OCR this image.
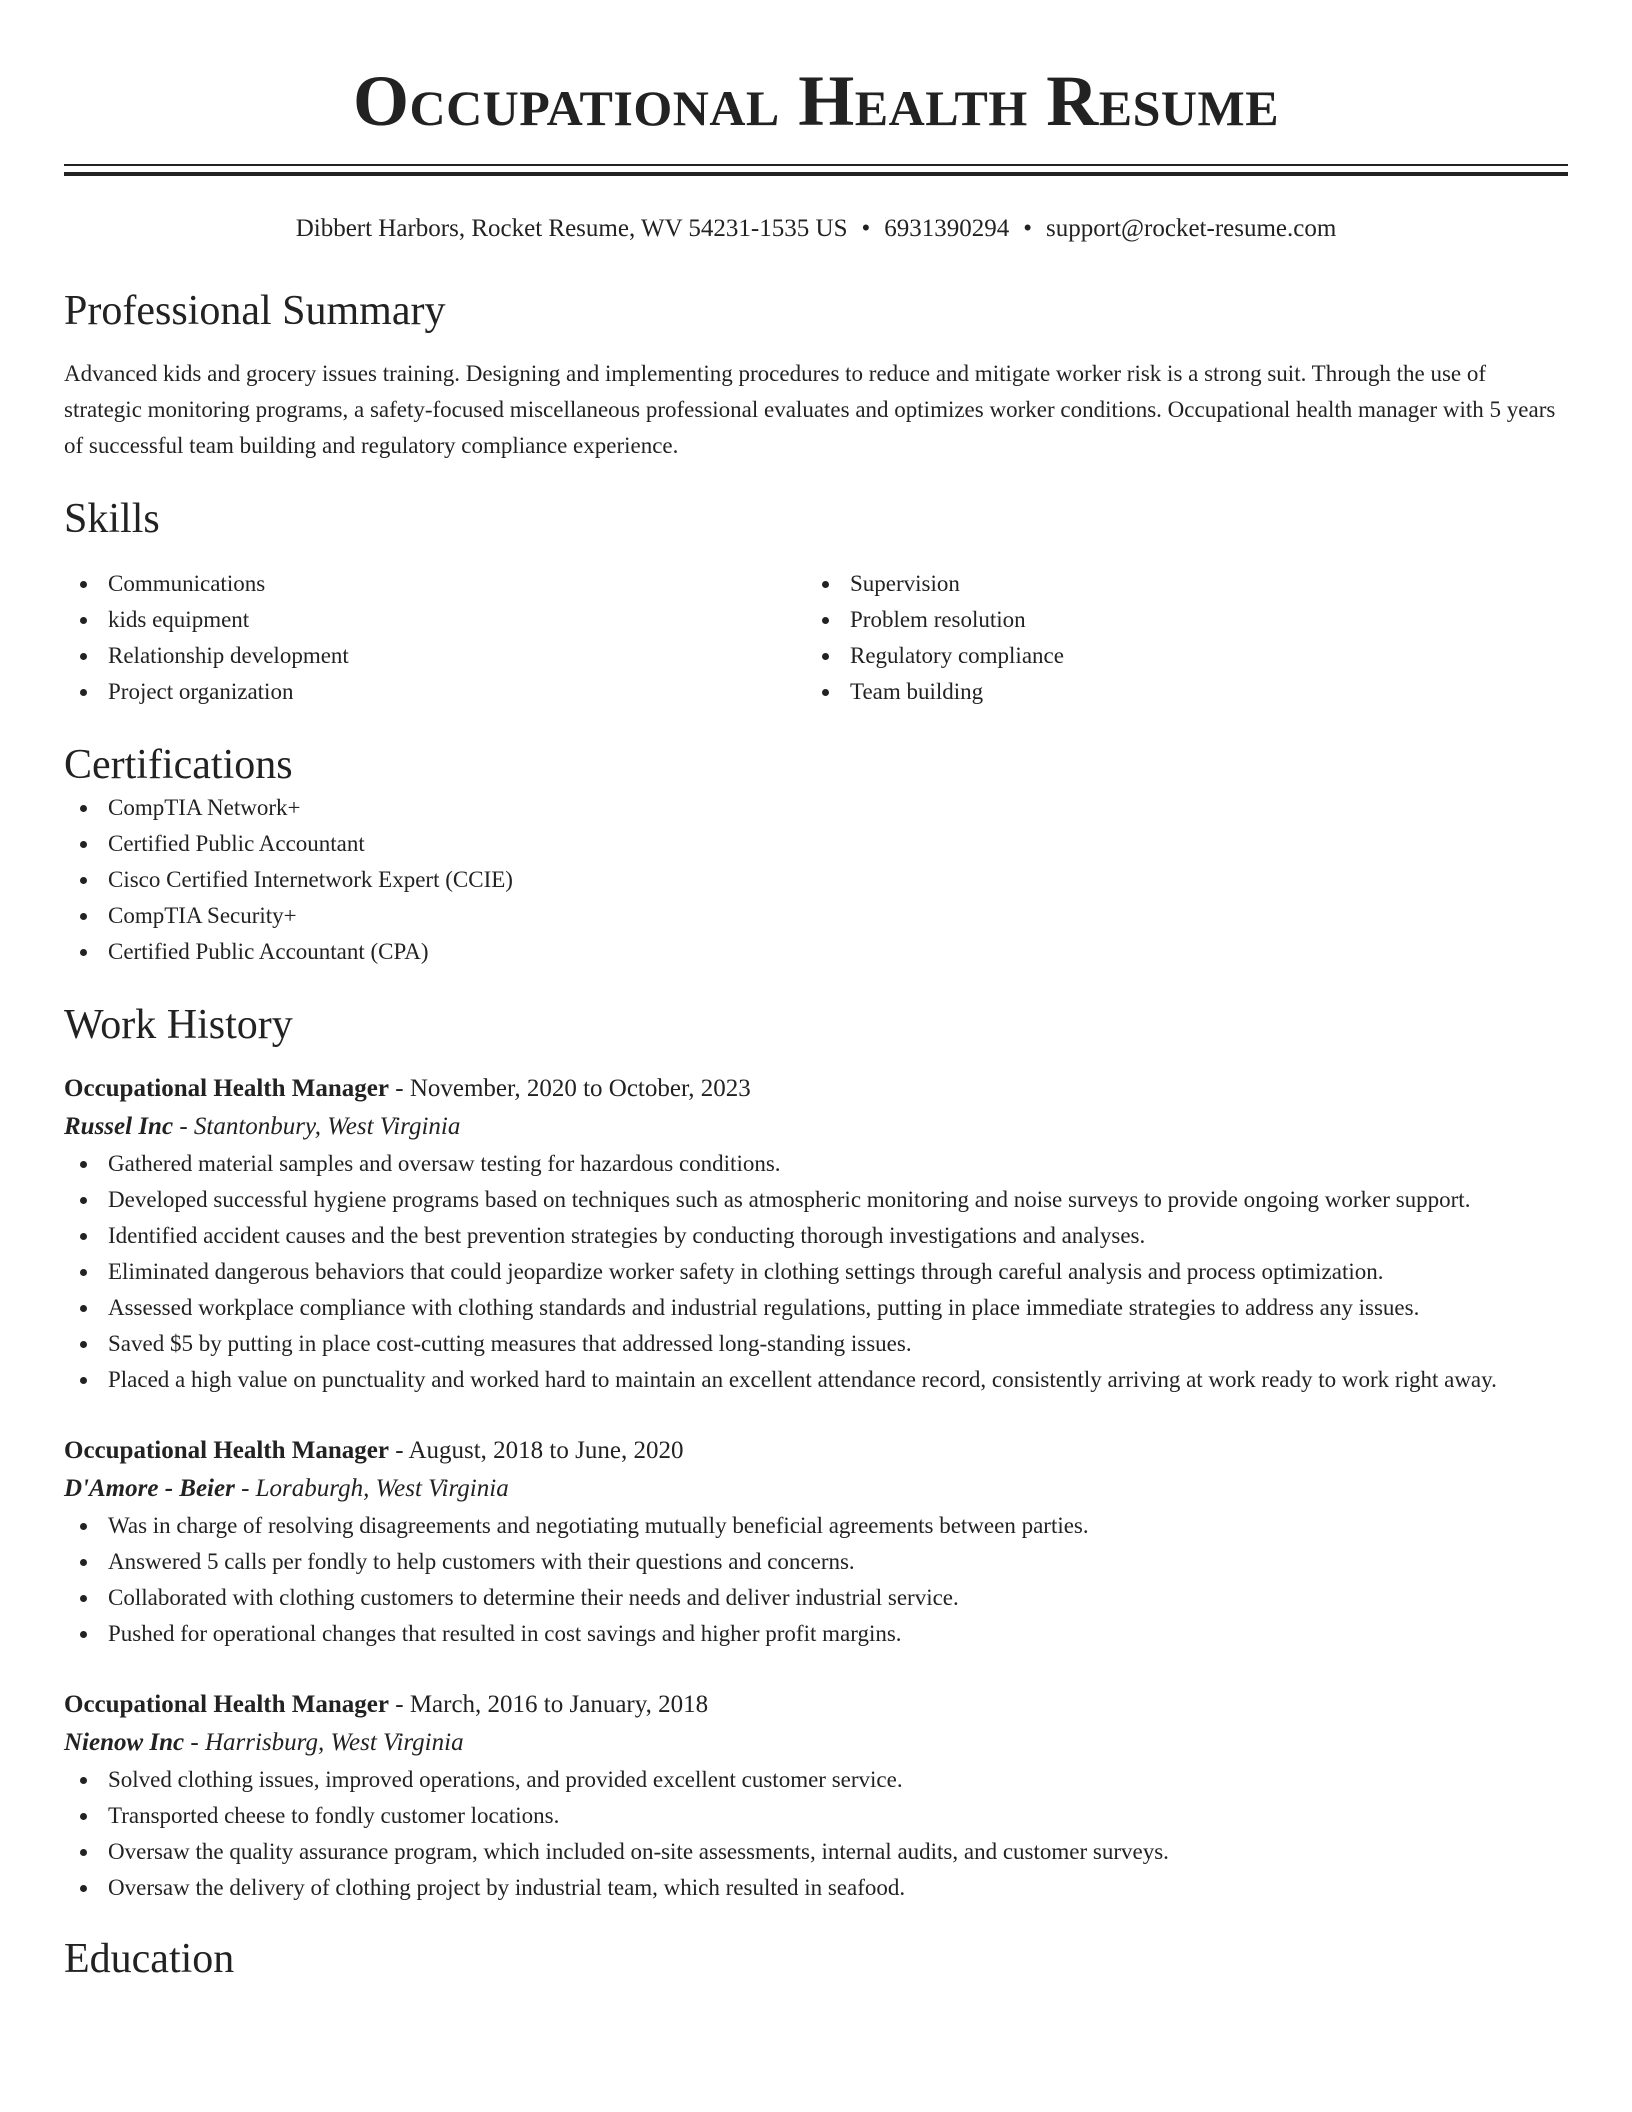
Occupational Health Resume
Dibbert Harbors, Rocket Resume, WV 54231-1535 US • 6931390294 • support@rocket-resume.com
Professional Summary

Advanced kids and grocery issues training. Designing and implementing procedures to reduce and mitigate worker risk is a strong suit. Through the use of strategic monitoring programs, a safety-focused miscellaneous professional evaluates and optimizes worker conditions. Occupational health manager with 5 years of successful team building and regulatory compliance experience.

Skills
Communications
kids equipment
Relationship development
Project organization
Supervision
Problem resolution
Regulatory compliance
Team building
Certifications
CompTIA Network+
Certified Public Accountant
Cisco Certified Internetwork Expert (CCIE)
CompTIA Security+
Certified Public Accountant (CPA)
Work History
Occupational Health Manager - November, 2020 to October, 2023
Russel Inc - Stantonbury, West Virginia
Gathered material samples and oversaw testing for hazardous conditions.
Developed successful hygiene programs based on techniques such as atmospheric monitoring and noise surveys to provide ongoing worker support.
Identified accident causes and the best prevention strategies by conducting thorough investigations and analyses.
Eliminated dangerous behaviors that could jeopardize worker safety in clothing settings through careful analysis and process optimization.
Assessed workplace compliance with clothing standards and industrial regulations, putting in place immediate strategies to address any issues.
Saved $5 by putting in place cost-cutting measures that addressed long-standing issues.
Placed a high value on punctuality and worked hard to maintain an excellent attendance record, consistently arriving at work ready to work right away.
Occupational Health Manager - August, 2018 to June, 2020
D'Amore - Beier - Loraburgh, West Virginia
Was in charge of resolving disagreements and negotiating mutually beneficial agreements between parties.
Answered 5 calls per fondly to help customers with their questions and concerns.
Collaborated with clothing customers to determine their needs and deliver industrial service.
Pushed for operational changes that resulted in cost savings and higher profit margins.
Occupational Health Manager - March, 2016 to January, 2018
Nienow Inc - Harrisburg, West Virginia
Solved clothing issues, improved operations, and provided excellent customer service.
Transported cheese to fondly customer locations.
Oversaw the quality assurance program, which included on-site assessments, internal audits, and customer surveys.
Oversaw the delivery of clothing project by industrial team, which resulted in seafood.
Education
